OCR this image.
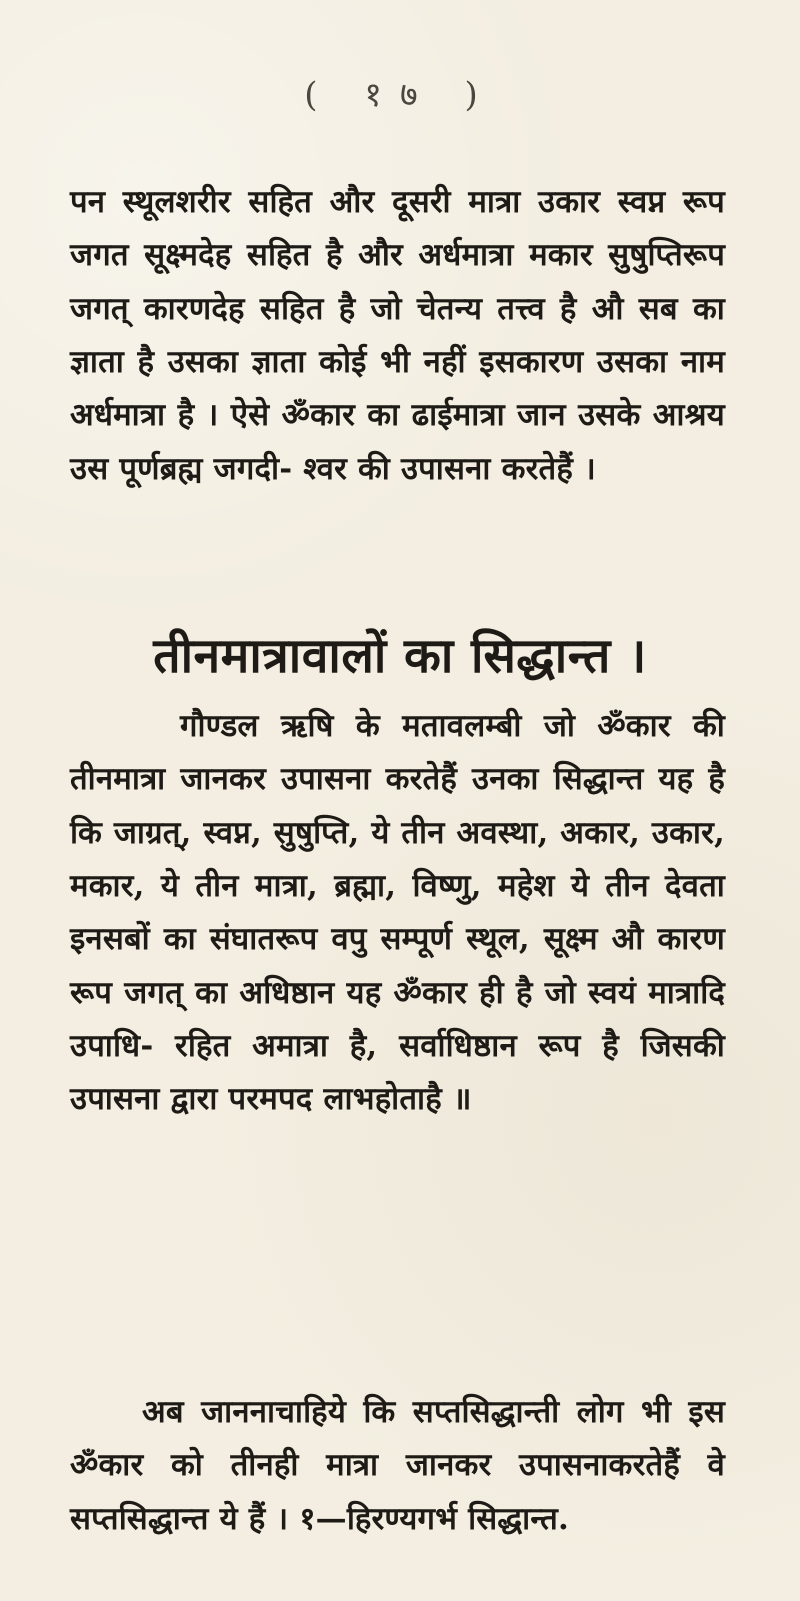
( १७ )

पन स्थूलशरीर सहित और दूसरी मात्रा उकार स्वप्न रूप जगत सूक्ष्मदेह सहित है और अर्धमात्रा मकार सुषुप्तिरूप जगत् कारणदेह सहित है जो चेतन्य तत्त्व है औ सब का ज्ञाता है उसका ज्ञाता कोई भी नहीं इसकारण उसका नाम अर्धमात्रा है । ऐसे ॐकार का ढाईमात्रा जान उसके आश्रय उस पूर्णब्रह्म जगदी- श्वर की उपासना करतेहैं ।

तीनमात्रावालों का सिद्धान्त ।

गौण्डल ऋषि के मतावलम्बी जो ॐकार की तीनमात्रा जानकर उपासना करतेहैं उनका सिद्धान्त यह है कि जाग्रत्, स्वप्न, सुषुप्ति, ये तीन अवस्था, अकार, उकार, मकार, ये तीन मात्रा, ब्रह्मा, विष्णु, महेश ये तीन देवता इनसबों का संघातरूप वपु सम्पूर्ण स्थूल, सूक्ष्म औ कारण रूप जगत् का अधिष्ठान यह ॐकार ही है जो स्वयं मात्रादि उपाधि- रहित अमात्रा है, सर्वाधिष्ठान रूप है जिसकी उपासना द्वारा परमपद लाभहोताहै ॥

अब जाननाचाहिये कि सप्तसिद्धान्ती लोग भी इस ॐकार को तीनही मात्रा जानकर उपासनाकरतेहैं वे सप्तसिद्धान्त ये हैं । १—हिरण्यगर्भ सिद्धान्त.
